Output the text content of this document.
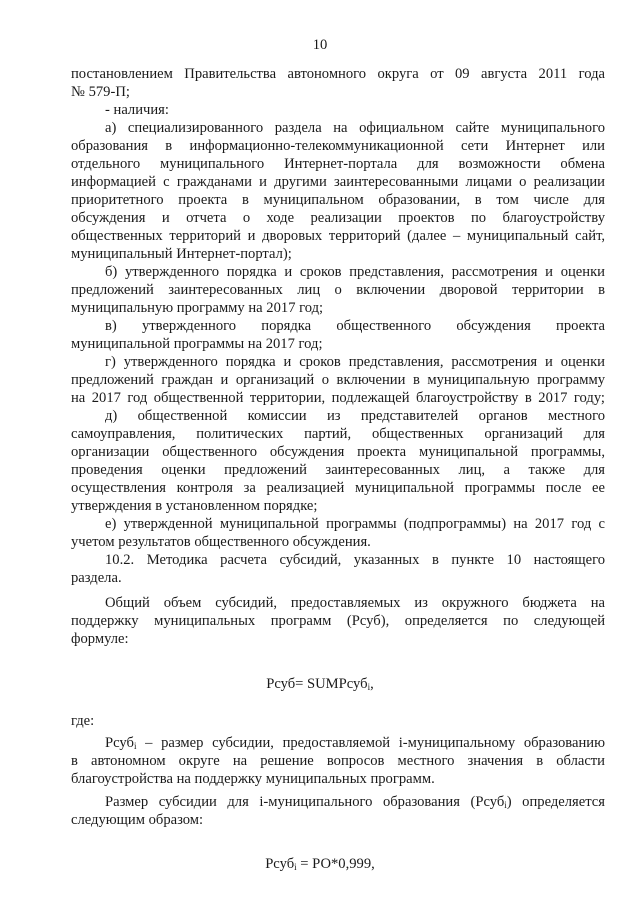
10
постановлением Правительства автономного округа от 09 августа 2011 года
№ 579-П;
- наличия:
а) специализированного раздела на официальном сайте муниципального
образования в информационно-телекоммуникационной сети Интернет или
отдельного муниципального Интернет-портала для возможности обмена
информацией с гражданами и другими заинтересованными лицами о реализации
приоритетного проекта в муниципальном образовании, в том числе для
обсуждения и отчета о ходе реализации проектов по благоустройству
общественных территорий и дворовых территорий (далее – муниципальный сайт,
муниципальный Интернет-портал);
б) утвержденного порядка и сроков представления, рассмотрения и оценки
предложений заинтересованных лиц о включении дворовой территории в
муниципальную программу на 2017 год;
в) утвержденного порядка общественного обсуждения проекта
муниципальной программы на 2017 год;
г) утвержденного порядка и сроков представления, рассмотрения и оценки
предложений граждан и организаций о включении в муниципальную программу
на 2017 год общественной территории, подлежащей благоустройству в 2017 году;
д) общественной комиссии из представителей органов местного
самоуправления, политических партий, общественных организаций для
организации общественного обсуждения проекта муниципальной программы,
проведения оценки предложений заинтересованных лиц, а также для
осуществления контроля за реализацией муниципальной программы после ее
утверждения в установленном порядке;
е) утвержденной муниципальной программы (подпрограммы) на 2017 год с
учетом результатов общественного обсуждения.
10.2. Методика расчета субсидий, указанных в пункте 10 настоящего
раздела.
Общий объем субсидий, предоставляемых из окружного бюджета на
поддержку муниципальных программ (Рсуб), определяется по следующей
формуле:
Рсуб= SUMРсуб$_i$,
где:
Рсуб$_i$ – размер субсидии, предоставляемой i-муниципальному образованию
в автономном округе на решение вопросов местного значения в области
благоустройства на поддержку муниципальных программ.
Размер субсидии для i-муниципального образования (Рсуб$_i$) определяется
следующим образом:
Рсуб$_i$ = РО*0,999,
